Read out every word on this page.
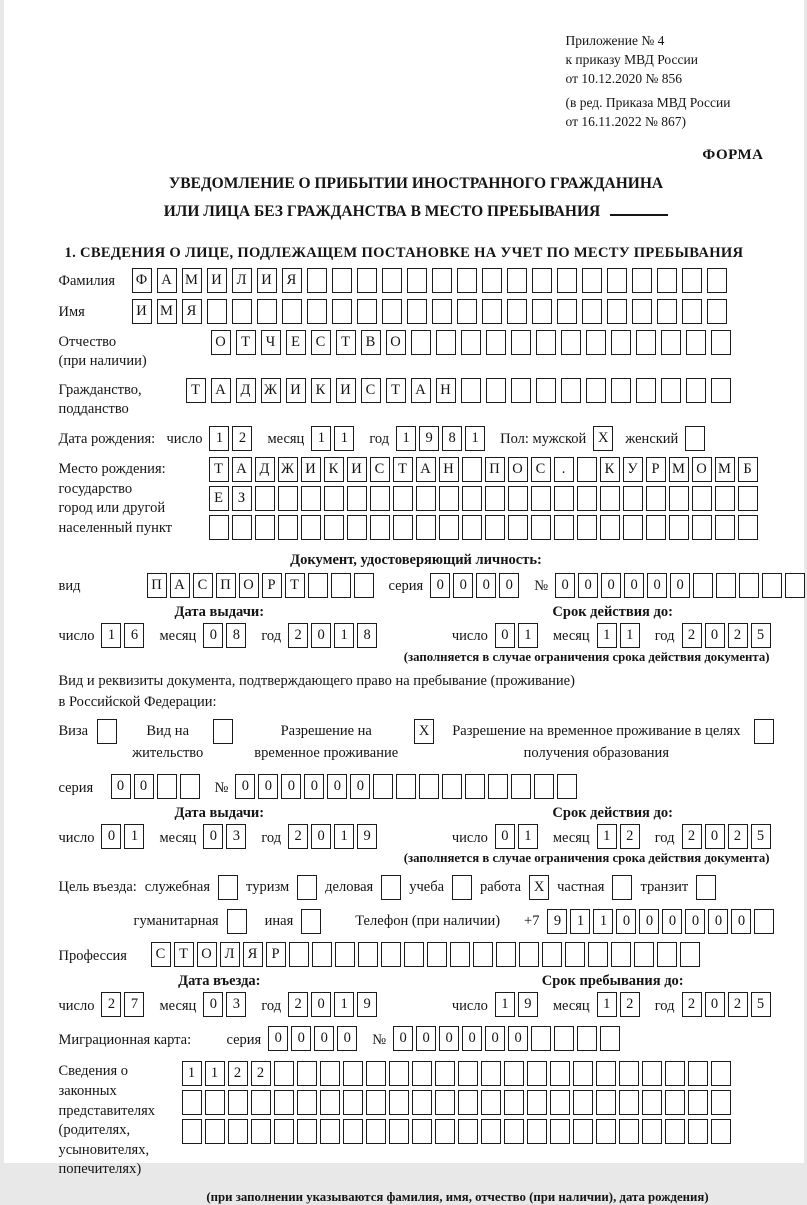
Приложение № 4
к приказу МВД России
от 10.12.2020 № 856
(в ред. Приказа МВД России
от 16.11.2022 № 867)
ФОРМА
УВЕДОМЛЕНИЕ О ПРИБЫТИИ ИНОСТРАННОГО ГРАЖДАНИНА
ИЛИ ЛИЦА БЕЗ ГРАЖДАНСТВА В МЕСТО ПРЕБЫВАНИЯ
1. СВЕДЕНИЯ О ЛИЦЕ, ПОДЛЕЖАЩЕМ ПОСТАНОВКЕ НА УЧЕТ ПО МЕСТУ ПРЕБЫВАНИЯ
Фамилия	Ф А М И	Л	И	Я
Имя	И М Я
Отчество
(при наличии)
О	Т	Ч	Е	С	Т	В	О
Гражданство,
подданство
Т	А	Д Ж И	К	И	С	Т	А	Н
Дата рождения: число 1	2	месяц 1	1	год 1	9	8	1	Пол: мужской X	женский
Место рождения:
государство
город или другой
населенный пункт
Т А Д Ж И К И С Т А Н	П О С	.	К У Р М О М Б
Е	З
Документ, удостоверяющий личность:
вид	П А С П О Р	Т	серия 0	0	0	0	№ 0	0	0	0	0	0
Дата выдачи:
число 1	6	месяц 0	8	год 2	0	1	8
Срок действия до:
число 0	1	месяц 1	1	год 2	0	2	5
(заполняется в случае ограничения срока действия документа)
Вид и реквизиты документа, подтверждающего право на пребывание (проживание)
в Российской Федерации:
Виза	Вид на жительство
Разрешение на временное проживание
X	Разрешение на временное проживание в целях получения образования
серия	0	0	№ 0	0	0	0	0	0
Дата выдачи:
число 0	1	месяц 0	3	год 2	0	1	9
Срок действия до:
число 0	1	месяц 1	2	год 2	0	2	5
(заполняется в случае ограничения срока действия документа)
Цель въезда: служебная туризм деловая учеба работа X частная транзит
гуманитарная	иная	Телефон (при наличии) +7 9	1	1	0	0	0	0	0	0
Профессия	С Т О Л Я Р
Дата въезда:
число 2	7	месяц 0	3	год 2	0	1	9
Срок пребывания до:
число 1	9	месяц 1	2	год 2	0	2	5
Миграционная карта:	серия 0	0	0	0	№ 0	0	0	0	0	0
Сведения о
законных
представителях
(родителях,
усыновителях,
попечителях)
1	1	2	2
(при заполнении указываются фамилия, имя, отчество (при наличии), дата рождения)
